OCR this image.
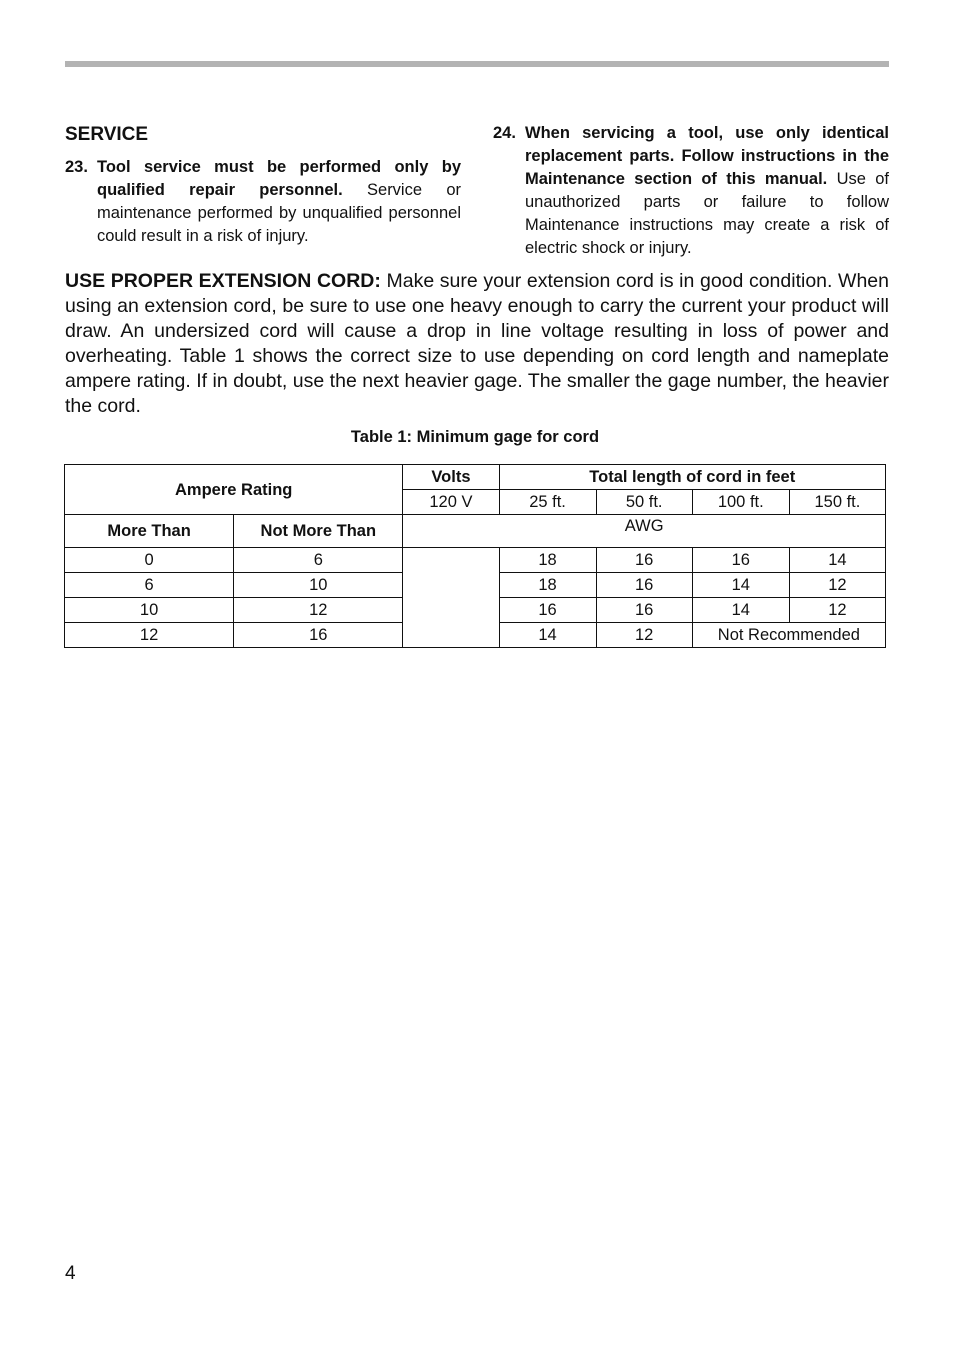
SERVICE
23. Tool service must be performed only by qualified repair personnel. Service or maintenance performed by unqualified personnel could result in a risk of injury.
24. When servicing a tool, use only identical replacement parts. Follow instructions in the Maintenance section of this manual. Use of unauthorized parts or failure to follow Maintenance instructions may create a risk of electric shock or injury.
USE PROPER EXTENSION CORD: Make sure your extension cord is in good condition. When using an extension cord, be sure to use one heavy enough to carry the current your product will draw. An undersized cord will cause a drop in line voltage resulting in loss of power and overheating. Table 1 shows the correct size to use depending on cord length and nameplate ampere rating. If in doubt, use the next heavier gage. The smaller the gage number, the heavier the cord.
Table 1: Minimum gage for cord
Ampere Rating		Volts	Total length of cord in feet			
		120 V	25 ft.	50 ft.	100 ft.	150 ft.
More Than	Not More Than	AWG				
0	6		18	16	16	14
6	10		18	16	14	12
10	12		16	16	14	12
12	16		14	12	Not Recommended	
4
